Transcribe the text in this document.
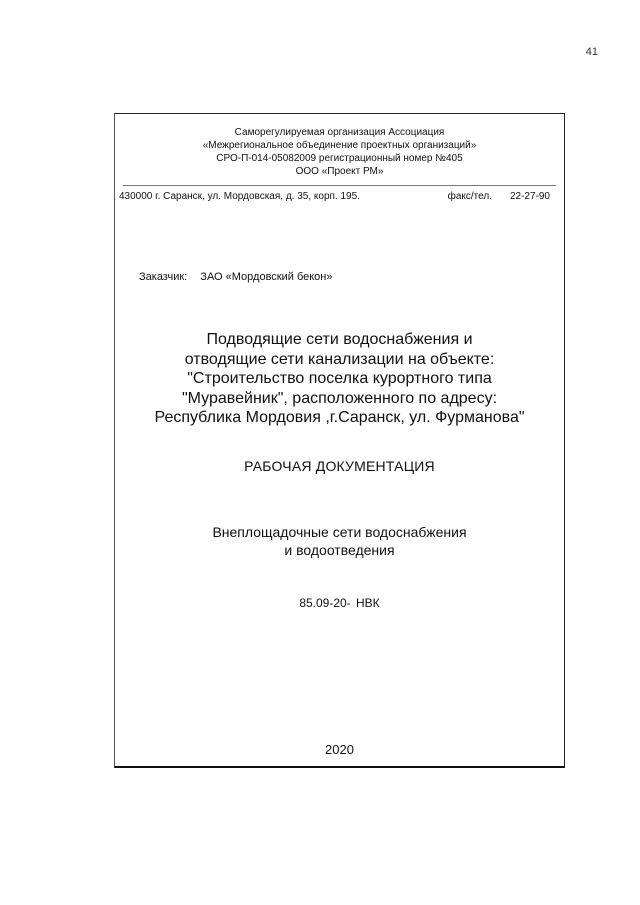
41
Саморегулируемая организация Ассоциация
«Межрегиональное объединение проектных организаций»
СРО-П-014-05082009 регистрационный номер №405
ООО «Проект РМ»
430000 г. Саранск, ул. Мордовская, д. 35, корп. 195.	факс/тел. 22-27-90
Заказчик: ЗАО «Мордовский бекон»
Подводящие сети водоснабжения и
отводящие сети канализации на объекте:
"Строительство поселка курортного типа
"Муравейник", расположенного по адресу:
Республика Мордовия ,г.Саранск, ул. Фурманова"
РАБОЧАЯ ДОКУМЕНТАЦИЯ
Внеплощадочные сети водоснабжения
и водоотведения
85.09-20- НВК
2020
